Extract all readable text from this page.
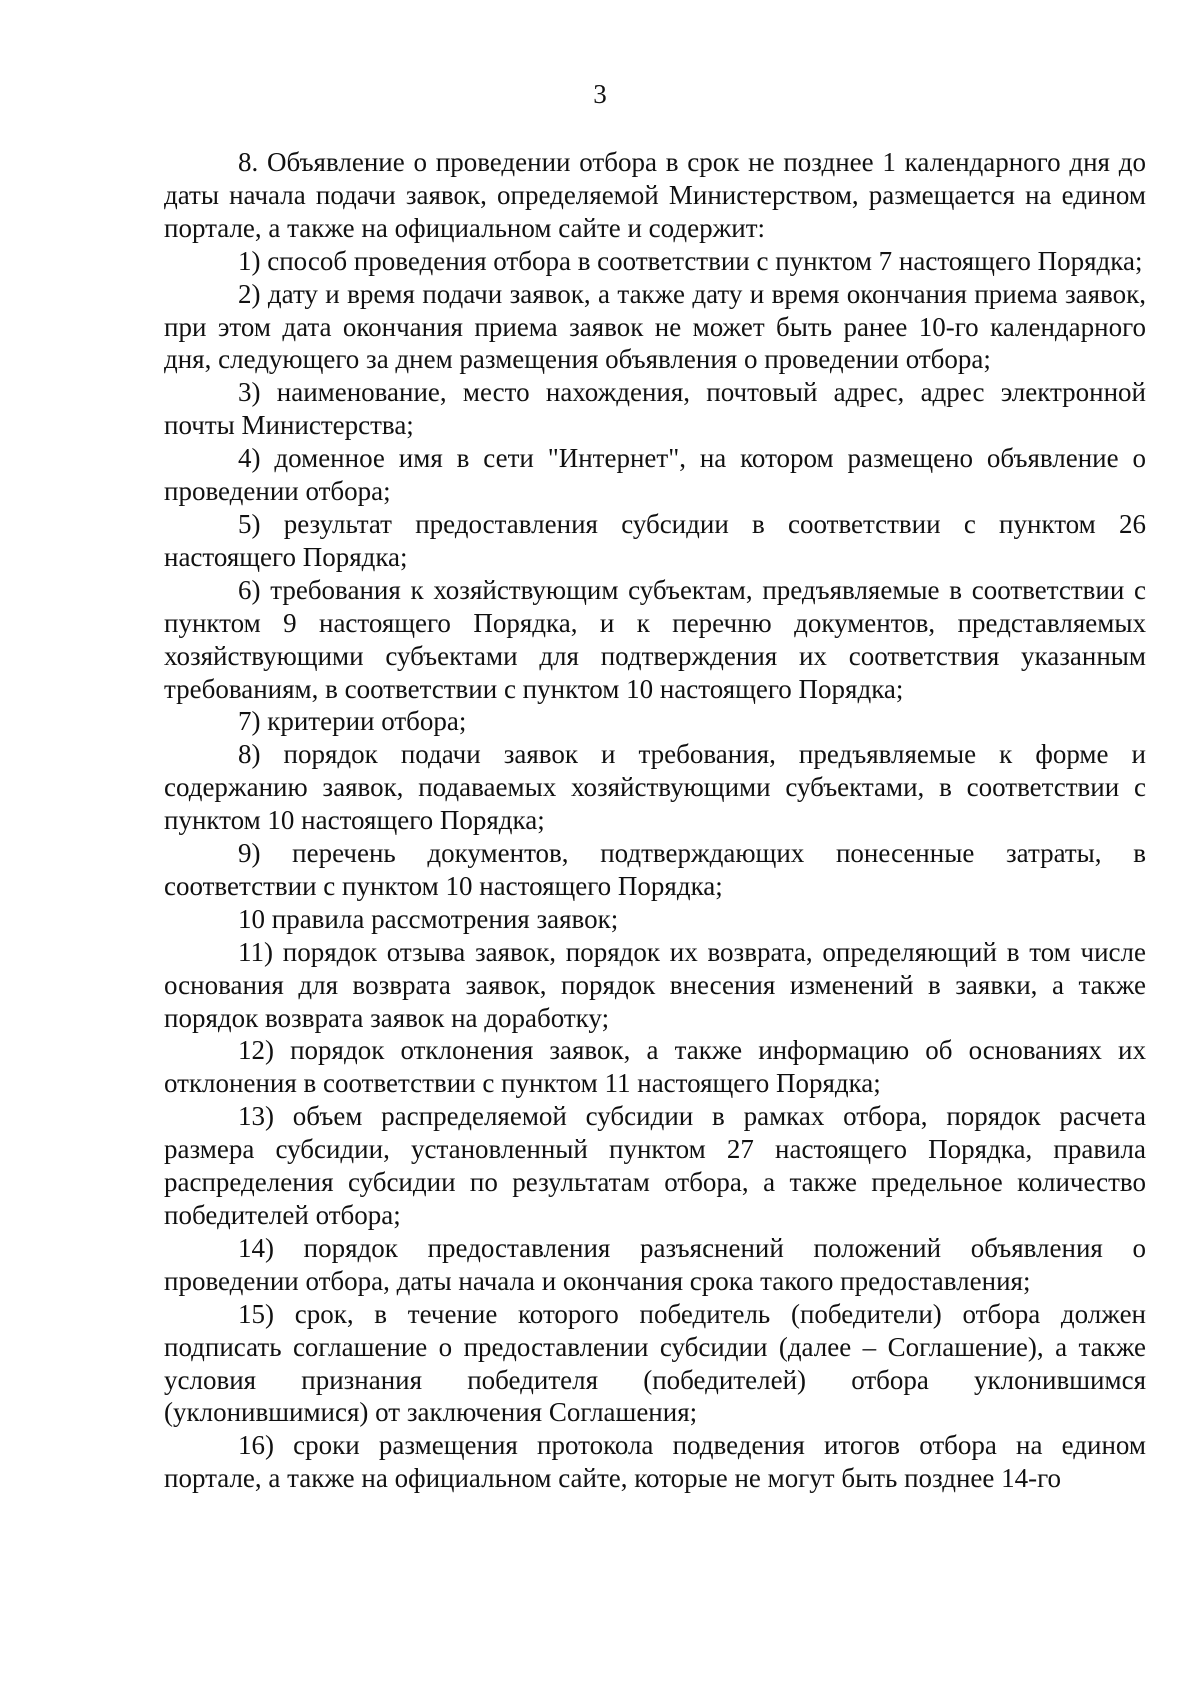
3

8. Объявление о проведении отбора в срок не позднее 1 календарного дня до даты начала подачи заявок, определяемой Министерством, размещается на едином портале, а также на официальном сайте и содержит:

1) способ проведения отбора в соответствии с пунктом 7 настоящего Порядка;

2) дату и время подачи заявок, а также дату и время окончания приема заявок, при этом дата окончания приема заявок не может быть ранее 10-го календарного дня, следующего за днем размещения объявления о проведении отбора;

3) наименование, место нахождения, почтовый адрес, адрес электронной почты Министерства;

4) доменное имя в сети "Интернет", на котором размещено объявление о проведении отбора;

5) результат предоставления субсидии в соответствии с пунктом 26 настоящего Порядка;

6) требования к хозяйствующим субъектам, предъявляемые в соответствии с пунктом 9 настоящего Порядка, и к перечню документов, представляемых хозяйствующими субъектами для подтверждения их соответствия указанным требованиям, в соответствии с пунктом 10 настоящего Порядка;

7) критерии отбора;

8) порядок подачи заявок и требования, предъявляемые к форме и содержанию заявок, подаваемых хозяйствующими субъектами, в соответствии с пунктом 10 настоящего Порядка;

9) перечень документов, подтверждающих понесенные затраты, в соответствии с пунктом 10 настоящего Порядка;

10 правила рассмотрения заявок;

11) порядок отзыва заявок, порядок их возврата, определяющий в том числе основания для возврата заявок, порядок внесения изменений в заявки, а также порядок возврата заявок на доработку;

12) порядок отклонения заявок, а также информацию об основаниях их отклонения в соответствии с пунктом 11 настоящего Порядка;

13) объем распределяемой субсидии в рамках отбора, порядок расчета размера субсидии, установленный пунктом 27 настоящего Порядка, правила распределения субсидии по результатам отбора, а также предельное количество победителей отбора;

14) порядок предоставления разъяснений положений объявления о проведении отбора, даты начала и окончания срока такого предоставления;

15) срок, в течение которого победитель (победители) отбора должен подписать соглашение о предоставлении субсидии (далее – Соглашение), а также условия признания победителя (победителей) отбора уклонившимся (уклонившимися) от заключения Соглашения;

16) сроки размещения протокола подведения итогов отбора на едином портале, а также на официальном сайте, которые не могут быть позднее 14-го
